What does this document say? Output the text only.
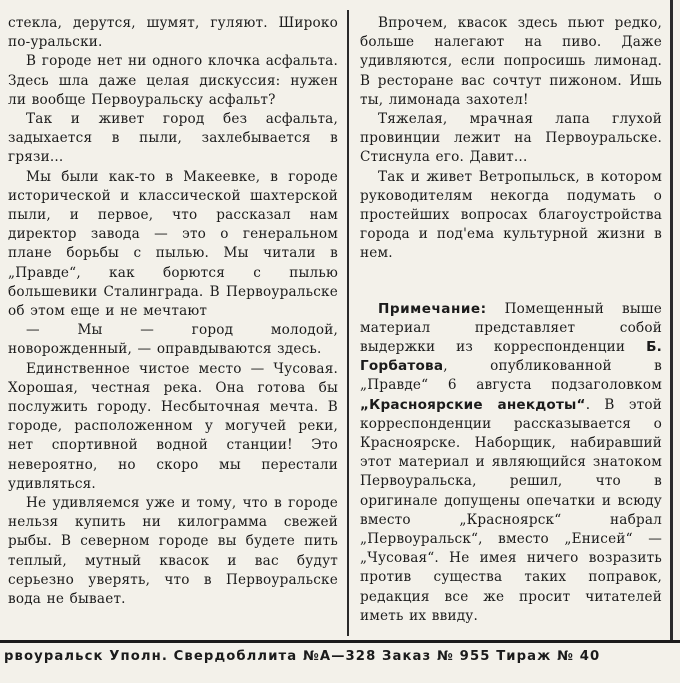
стекла, дерутся, шумят, гуляют. Широко по-уральски.

В городе нет ни одного клочка асфальта. Здесь шла даже целая дискуссия: нужен ли вообще Первоуральску асфальт?

Так и живет город без асфальта, задыхается в пыли, захлебывается в грязи...

Мы были как-то в Макеевке, в городе исторической и классической шахтерской пыли, и первое, что рассказал нам директор завода — это о генеральном плане борьбы с пылью. Мы читали в „Правде“, как борются с пылью большевики Сталинграда. В Первоуральске об этом еще и не мечтают

— Мы — город молодой, новорожденный, — оправдываются здесь.

Единственное чистое место — Чусовая. Хорошая, честная река. Она готова бы послужить городу. Несбыточная мечта. В городе, расположенном у могучей реки, нет спортивной водной станции! Это невероятно, но скоро мы перестали удивляться.

Не удивляемся уже и тому, что в городе нельзя купить ни килограмма свежей рыбы. В северном городе вы будете пить теплый, мутный квасок и вас будут серьезно уверять, что в Первоуральске вода не бывает.

Впрочем, квасок здесь пьют редко, больше налегают на пиво. Даже удивляются, если попросишь лимонад. В ресторане вас сочтут пижоном. Ишь ты, лимонада захотел!

Тяжелая, мрачная лапа глухой провинции лежит на Первоуральске. Стиснула его. Давит...

Так и живет Ветропыльск, в котором руководителям некогда подумать о простейших вопросах благоустройства города и под'ема культурной жизни в нем.

Примечание: Помещенный выше материал представляет собой выдержки из корреспонденции Б. Горбатова, опубликованной в „Правде“ 6 августа подзаголовком „Красноярские анекдоты“. В этой корреспонденции рассказывается о Красноярске. Наборщик, набиравший этот материал и являющийся знатоком Первоуральска, решил, что в оригинале допущены опечатки и всюду вместо „Красноярск“ набрал „Первоуральск“, вместо „Енисей“ — „Чусовая“. Не имея ничего возразить против существа таких поправок, редакция все же просит читателей иметь их ввиду.

рвоуральск Уполн. Свердобллита №А—328 Заказ № 955 Тираж № 40
